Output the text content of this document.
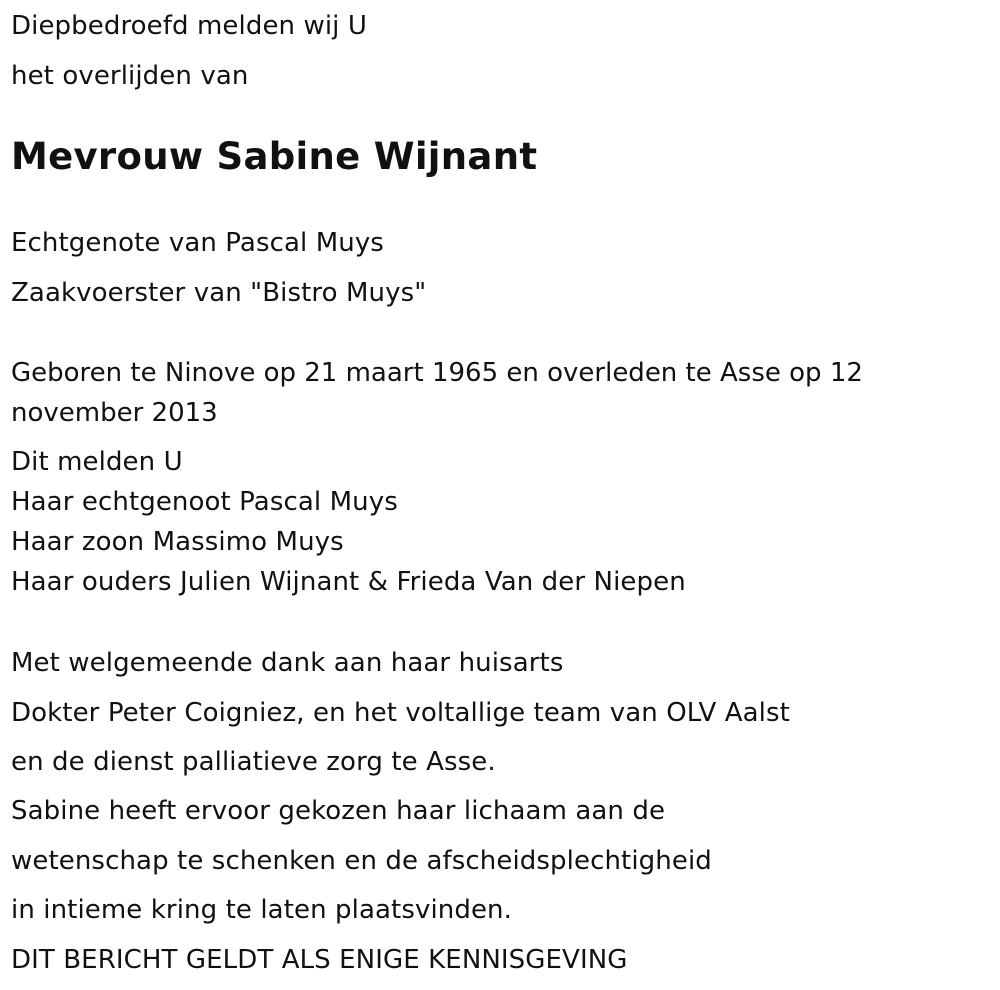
Diepbedroefd melden wij U

het overlijden van

Mevrouw Sabine Wijnant

Echtgenote van Pascal Muys

Zaakvoerster van "Bistro Muys"

Geboren te Ninove op 21 maart 1965 en overleden te Asse op 12 november 2013

Dit melden U

Haar echtgenoot Pascal Muys

Haar zoon Massimo Muys

Haar ouders Julien Wijnant & Frieda Van der Niepen

Met welgemeende dank aan haar huisarts

Dokter Peter Coigniez, en het voltallige team van OLV Aalst

en de dienst palliatieve zorg te Asse.

Sabine heeft ervoor gekozen haar lichaam aan de

wetenschap te schenken en de afscheidsplechtigheid

in intieme kring te laten plaatsvinden.

DIT BERICHT GELDT ALS ENIGE KENNISGEVING
